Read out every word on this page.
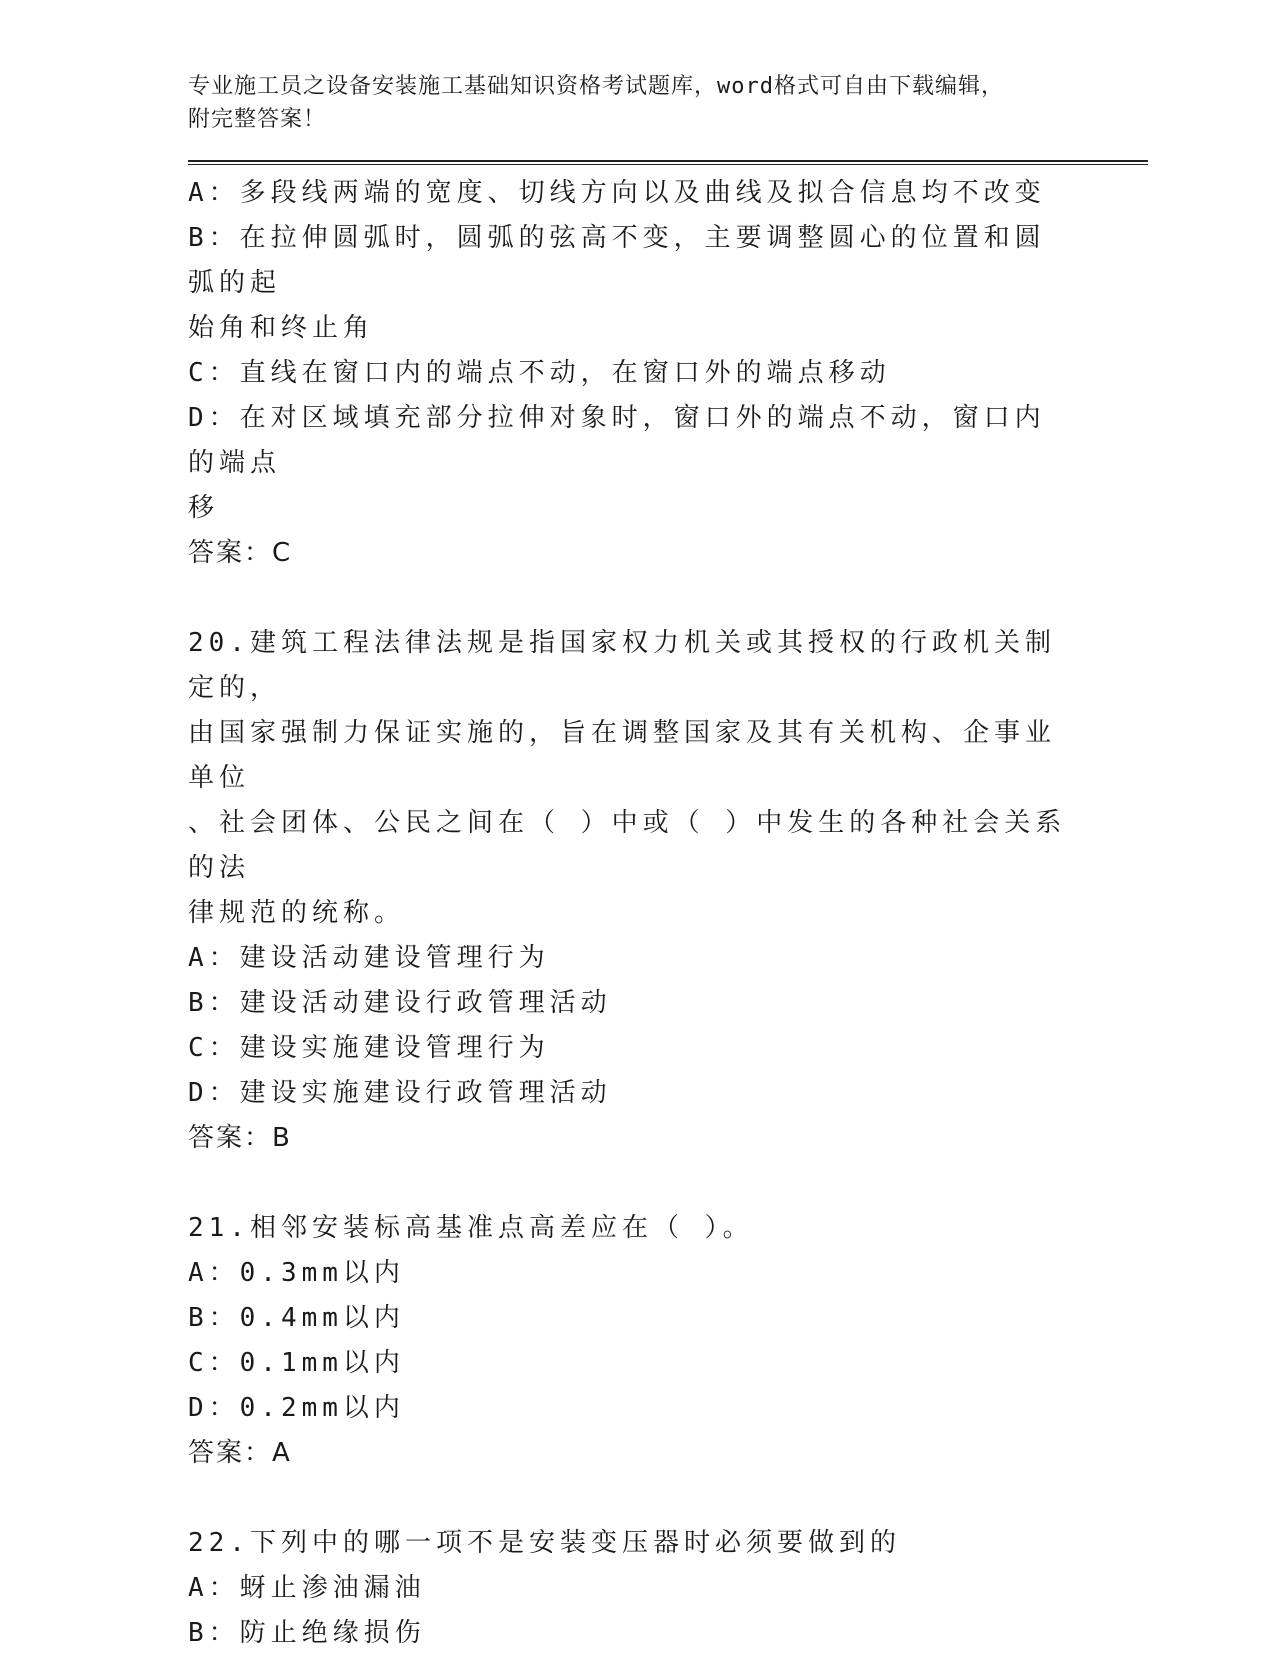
专业施工员之设备安装施工基础知识资格考试题库，word格式可自由下载编辑，
附完整答案！
A：多段线两端的宽度、切线方向以及曲线及拟合信息均不改变
B：在拉伸圆弧时，圆弧的弦高不变，主要调整圆心的位置和圆弧的起
始角和终止角
C：直线在窗口内的端点不动，在窗口外的端点移动
D：在对区域填充部分拉伸对象时，窗口外的端点不动，窗口内的端点
移
答案：C
20.建筑工程法律法规是指国家权力机关或其授权的行政机关制定的，
由国家强制力保证实施的，旨在调整国家及其有关机构、企事业单位
、社会团体、公民之间在（ ）中或（ ）中发生的各种社会关系的法
律规范的统称。
A：建设活动建设管理行为
B：建设活动建设行政管理活动
C：建设实施建设管理行为
D：建设实施建设行政管理活动
答案：B
21.相邻安装标高基准点高差应在（ ）。
A：0.3mm以内
B：0.4mm以内
C：0.1mm以内
D：0.2mm以内
答案：A
22.下列中的哪一项不是安装变压器时必须要做到的
A：蚜止渗油漏油
B：防止绝缘损伤
